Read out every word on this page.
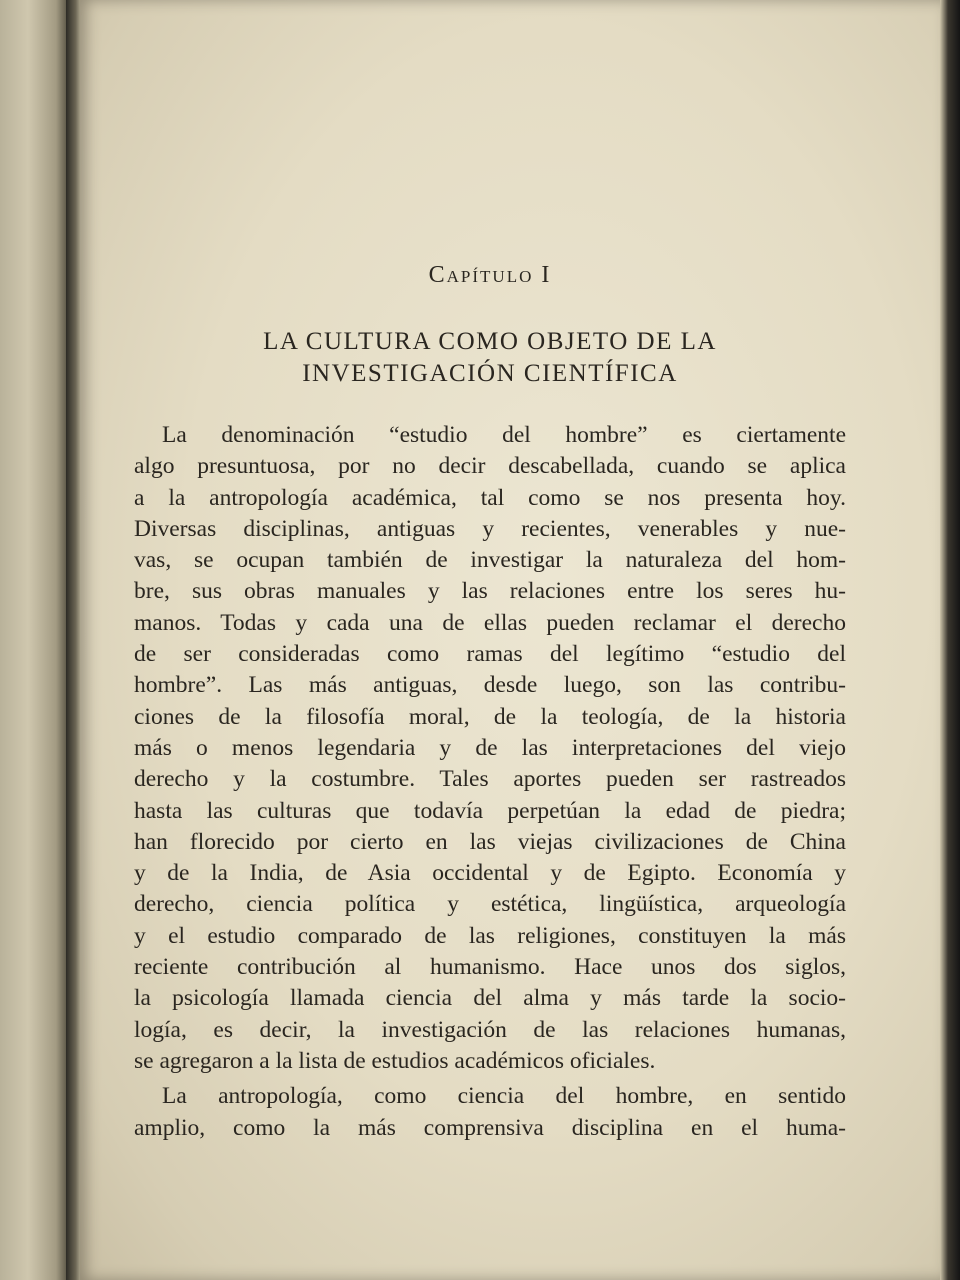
Capítulo I
LA CULTURA COMO OBJETO DE LA
INVESTIGACIÓN CIENTÍFICA
La denominación “estudio del hombre” es ciertamente
algo presuntuosa, por no decir descabellada, cuando se aplica
a la antropología académica, tal como se nos presenta hoy.
Diversas disciplinas, antiguas y recientes, venerables y nue-
vas, se ocupan también de investigar la naturaleza del hom-
bre, sus obras manuales y las relaciones entre los seres hu-
manos. Todas y cada una de ellas pueden reclamar el derecho
de ser consideradas como ramas del legítimo “estudio del
hombre”. Las más antiguas, desde luego, son las contribu-
ciones de la filosofía moral, de la teología, de la historia
más o menos legendaria y de las interpretaciones del viejo
derecho y la costumbre. Tales aportes pueden ser rastreados
hasta las culturas que todavía perpetúan la edad de piedra;
han florecido por cierto en las viejas civilizaciones de China
y de la India, de Asia occidental y de Egipto. Economía y
derecho, ciencia política y estética, lingüística, arqueología
y el estudio comparado de las religiones, constituyen la más
reciente contribución al humanismo. Hace unos dos siglos,
la psicología llamada ciencia del alma y más tarde la socio-
logía, es decir, la investigación de las relaciones humanas,
se agregaron a la lista de estudios académicos oficiales.
La antropología, como ciencia del hombre, en sentido
amplio, como la más comprensiva disciplina en el huma-
